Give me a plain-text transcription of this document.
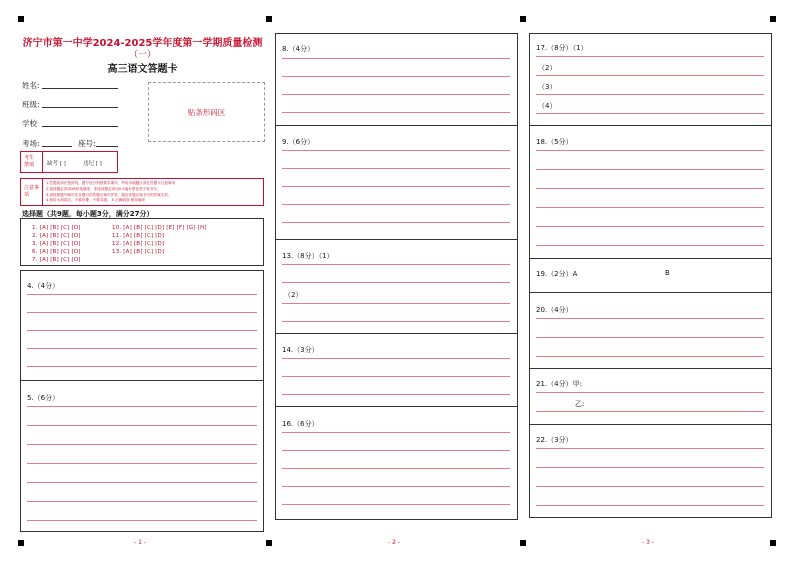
济宁市第一中学2024-2025学年度第一学期质量检测
（一）
高三语文答题卡
姓名:
班级:
学校
考场:	座号:
贴条形码区
考生禁填	缺考 [ ]	违纪 [ ]
注意事项
1.答题前请在密封线、题号处分别按要求填写，考场未填题区请在答题卡注意事项
2.选择题必须用2B铅笔填涂，非选择题必须用0.5毫米黑色签字笔书写，
3.请按照题号顺序在各题目的答题区域内作答，超出答题区域书写的答案无效；
4.保持卡面清洁，不要折叠、不要弄破。 5.正确填涂 错误填涂
选择题（共9题，每小题3分，满分27分）
1. [A] [B] [C] [D]
2. [A] [B] [C] [D]
3. [A] [B] [C] [D]
6. [A] [B] [C] [D]
7. [A] [B] [C] [D]
10. [A] [B] [C] [D] [E] [F] [G] [H]
11. [A] [B] [C] [D]
12. [A] [B] [C] [D]
13. [A] [B] [C] [D]
4.（4分）
5.（6分）
- 1 -
8.（4分）
9.（6分）
13.（8分）（1）
（2）
14.（3分）
16.（6分）
- 2 -
17.（8分）（1）
（2）
（3）
（4）
18.（5分）
19.（2分）A	B
20.（4分）
21.（4分）甲:
乙:
22.（3分）
- 3 -
